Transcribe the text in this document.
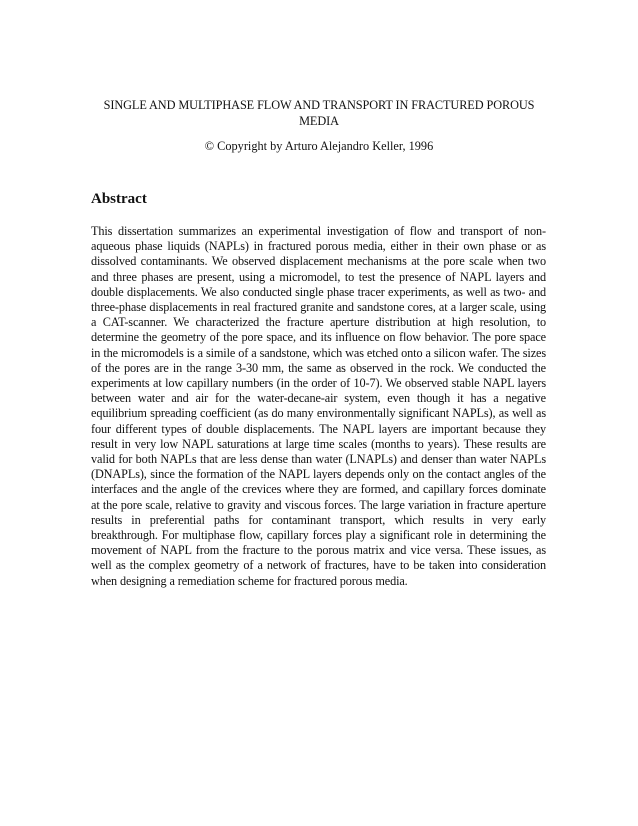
SINGLE AND MULTIPHASE FLOW AND TRANSPORT IN FRACTURED POROUS MEDIA
© Copyright by Arturo Alejandro Keller, 1996
Abstract

This dissertation summarizes an experimental investigation of flow and transport of non-aqueous phase liquids (NAPLs) in fractured porous media, either in their own phase or as dissolved contaminants. We observed displacement mechanisms at the pore scale when two and three phases are present, using a micromodel, to test the presence of NAPL layers and double displacements. We also conducted single phase tracer experiments, as well as two- and three-phase displacements in real fractured granite and sandstone cores, at a larger scale, using a CAT-scanner. We characterized the fracture aperture distribution at high resolution, to determine the geometry of the pore space, and its influence on flow behavior. The pore space in the micromodels is a simile of a sandstone, which was etched onto a silicon wafer. The sizes of the pores are in the range 3-30 mm, the same as observed in the rock. We conducted the experiments at low capillary numbers (in the order of 10-7). We observed stable NAPL layers between water and air for the water-decane-air system, even though it has a negative equilibrium spreading coefficient (as do many environmentally significant NAPLs), as well as four different types of double displacements. The NAPL layers are important because they result in very low NAPL saturations at large time scales (months to years). These results are valid for both NAPLs that are less dense than water (LNAPLs) and denser than water NAPLs (DNAPLs), since the formation of the NAPL layers depends only on the contact angles of the interfaces and the angle of the crevices where they are formed, and capillary forces dominate at the pore scale, relative to gravity and viscous forces. The large variation in fracture aperture results in preferential paths for contaminant transport, which results in very early breakthrough. For multiphase flow, capillary forces play a significant role in determining the movement of NAPL from the fracture to the porous matrix and vice versa. These issues, as well as the complex geometry of a network of fractures, have to be taken into consideration when designing a remediation scheme for fractured porous media.
